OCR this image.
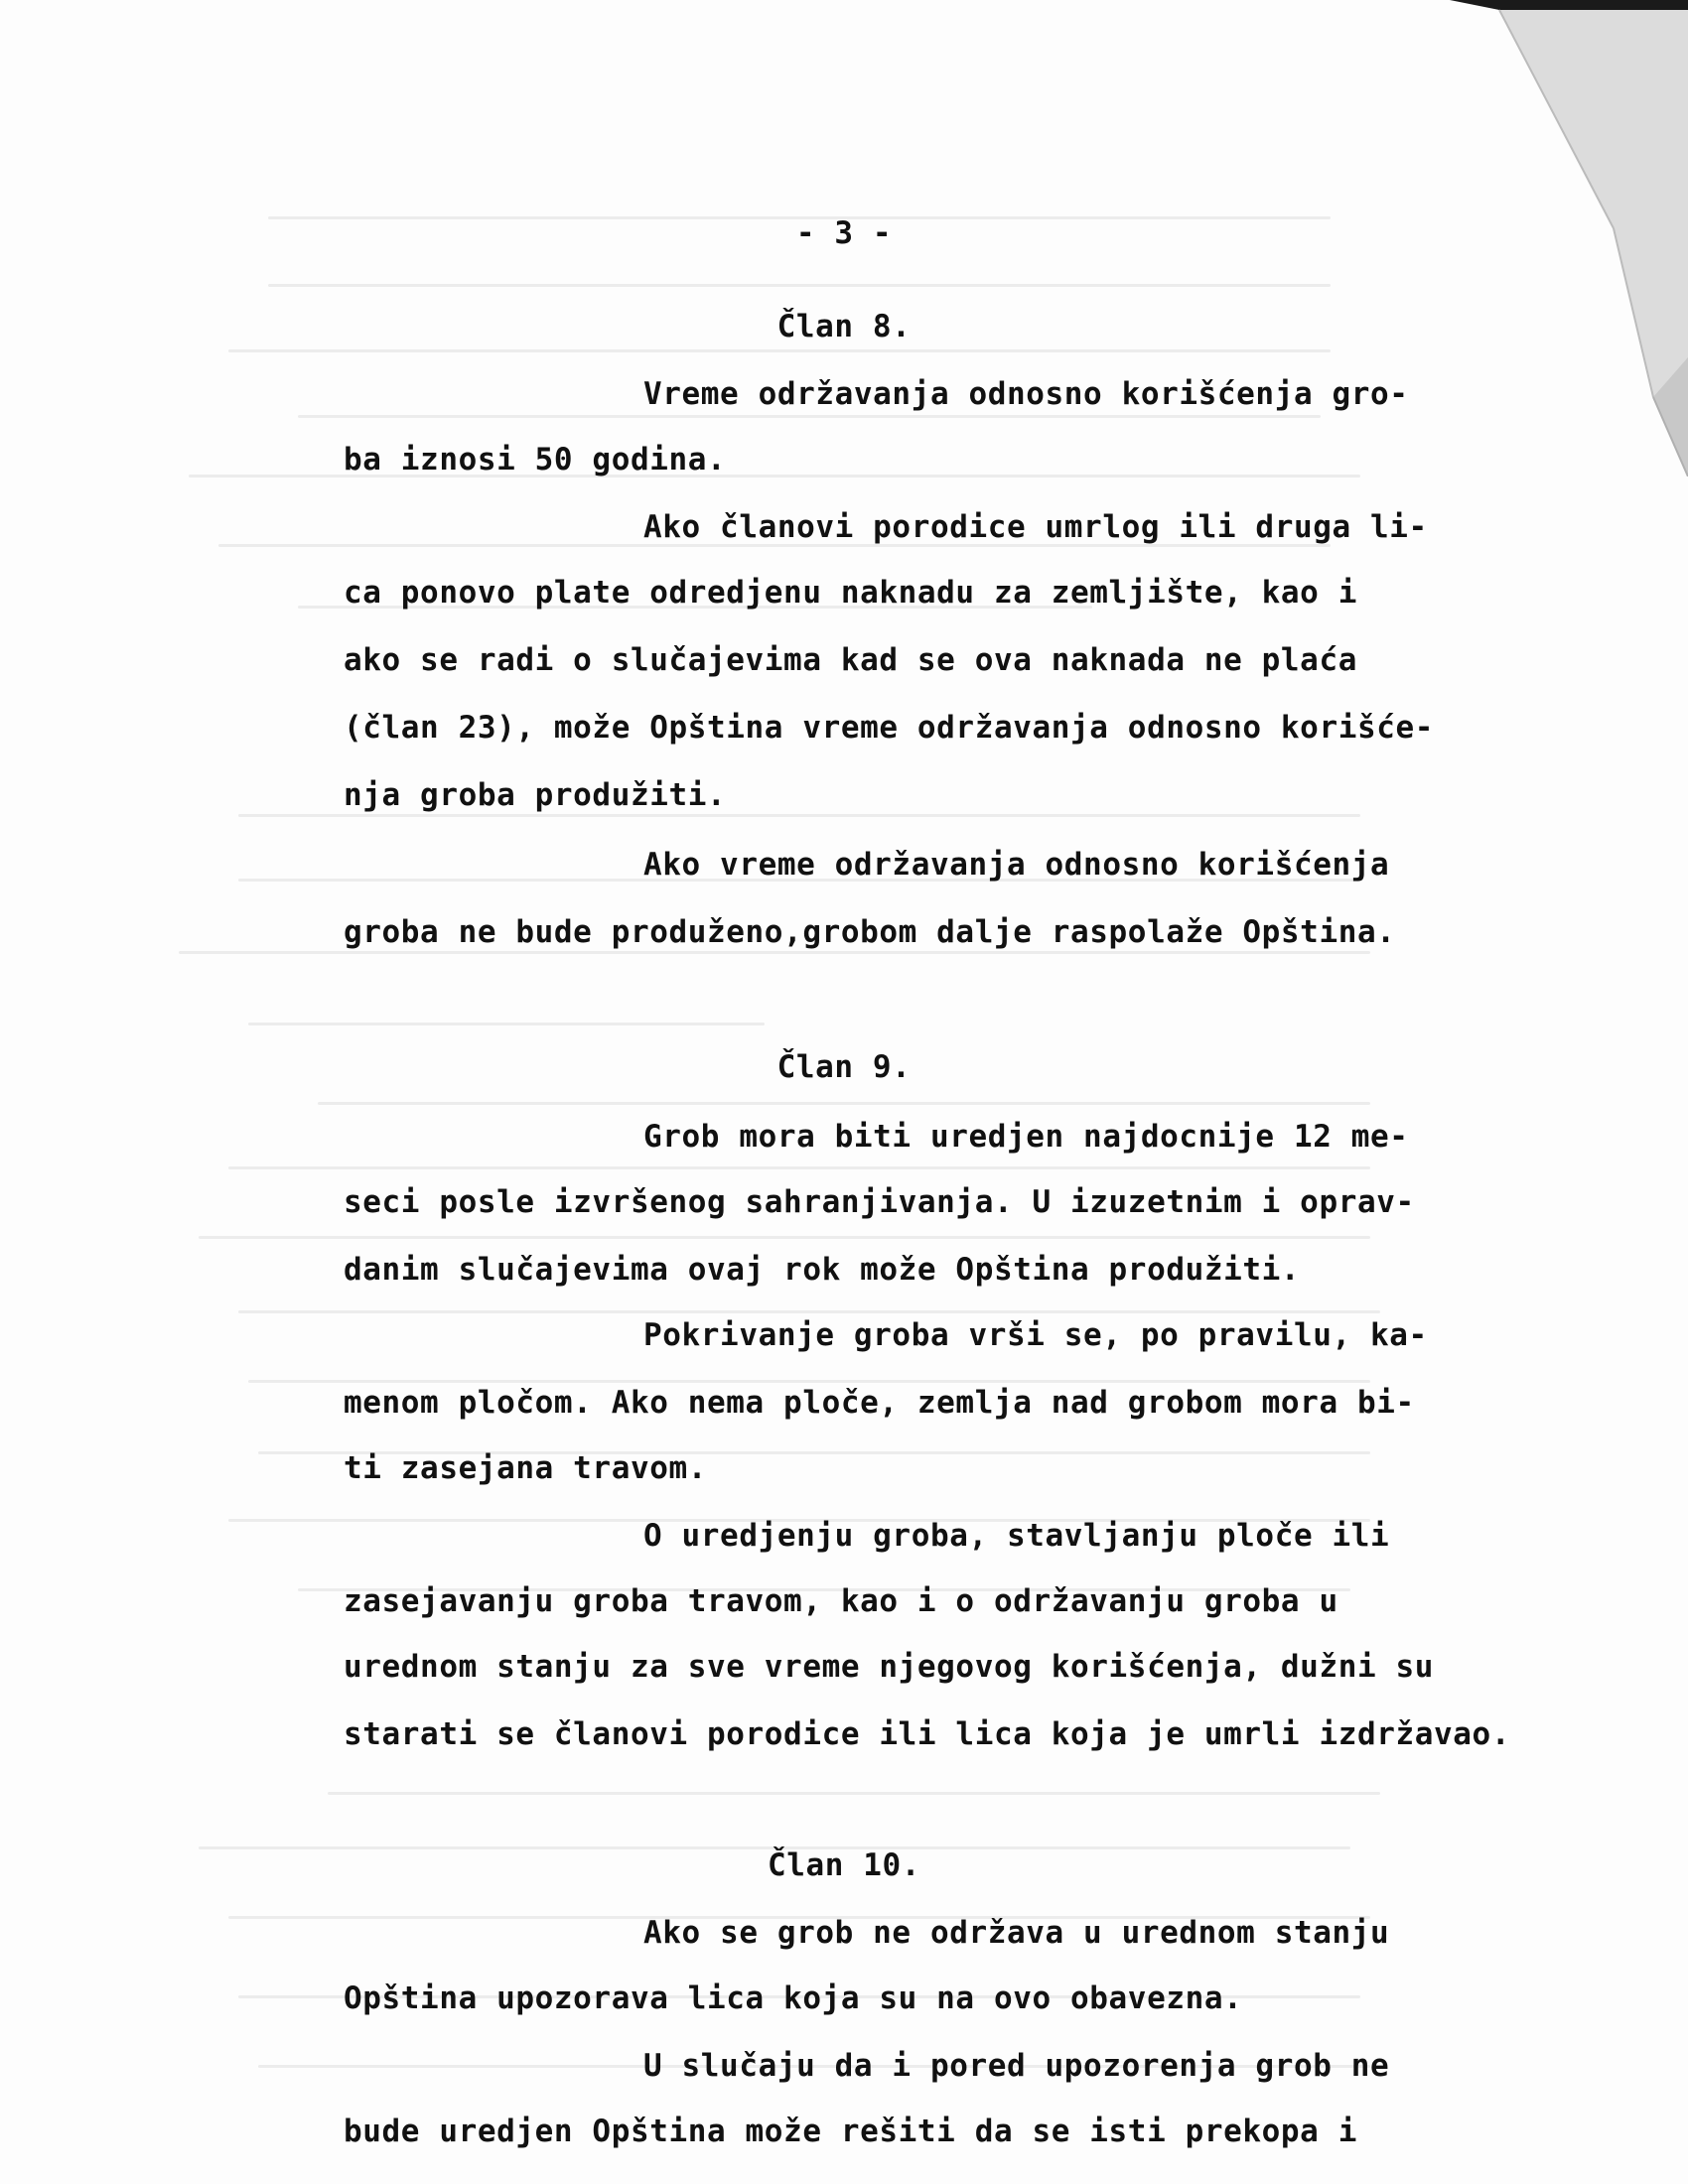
- 3 -
Član 8.
Vreme održavanja odnosno korišćenja gro-
ba iznosi 50 godina.
Ako članovi porodice umrlog ili druga li-
ca ponovo plate odredjenu naknadu za zemljište, kao i
ako se radi o slučajevima kad se ova naknada ne plaća
(član 23), može Opština vreme održavanja odnosno korišće-
nja groba produžiti.
Ako vreme održavanja odnosno korišćenja
groba ne bude produženo,grobom dalje raspolaže Opština.
Član 9.
Grob mora biti uredjen najdocnije 12 me-
seci posle izvršenog sahranjivanja. U izuzetnim i oprav-
danim slučajevima ovaj rok može Opština produžiti.
Pokrivanje groba vrši se, po pravilu, ka-
menom pločom. Ako nema ploče, zemlja nad grobom mora bi-
ti zasejana travom.
O uredjenju groba, stavljanju ploče ili
zasejavanju groba travom, kao i o održavanju groba u
urednom stanju za sve vreme njegovog korišćenja, dužni su
starati se članovi porodice ili lica koja je umrli izdržavao.
Član 10.
Ako se grob ne održava u urednom stanju
Opština upozorava lica koja su na ovo obavezna.
U slučaju da i pored upozorenja grob ne
bude uredjen Opština može rešiti da se isti prekopa i
